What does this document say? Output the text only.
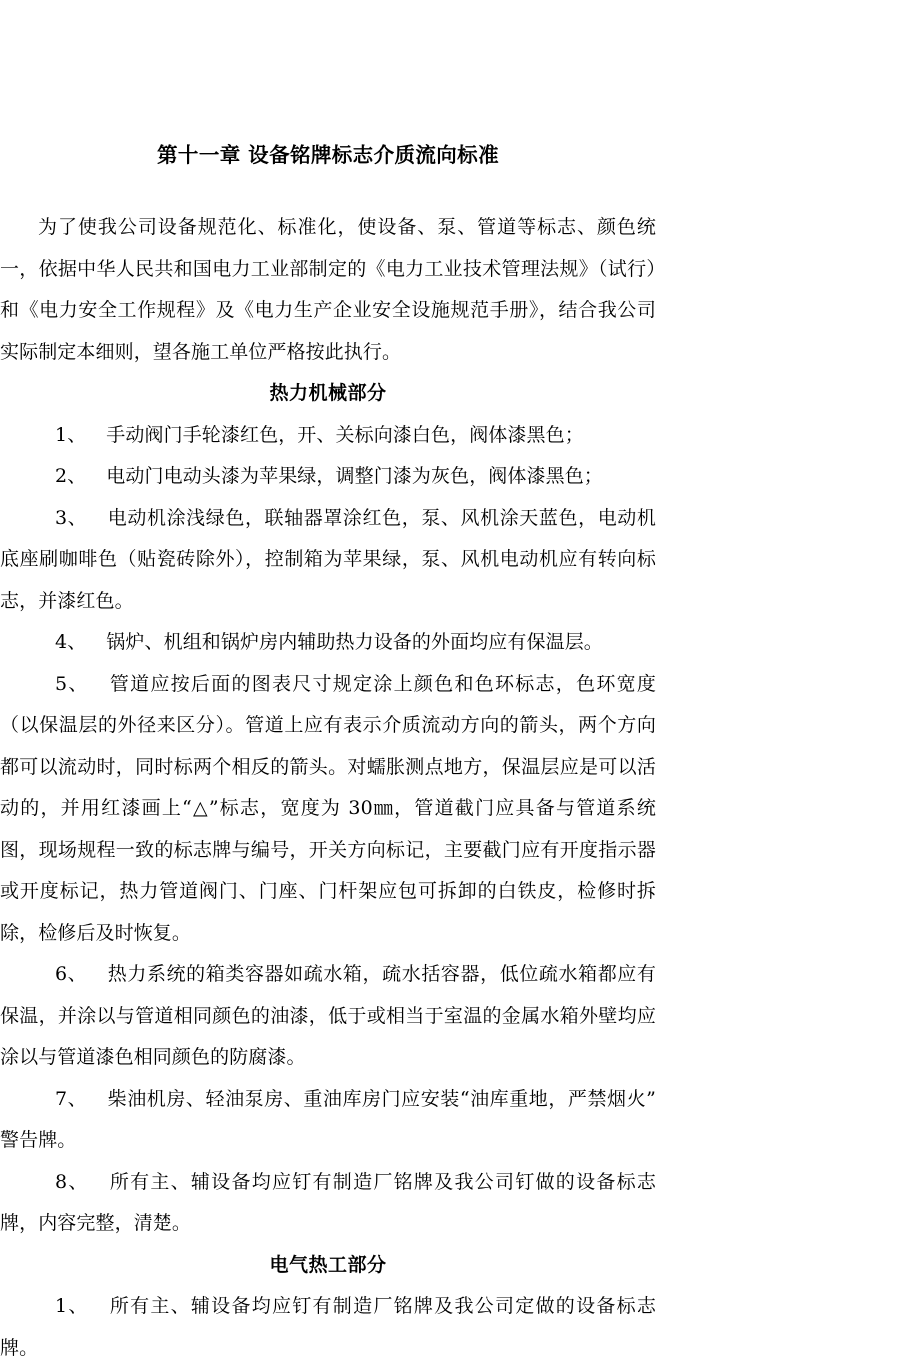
第十一章 设备铭牌标志介质流向标准

为了使我公司设备规范化、标准化，使设备、泵、管道等标志、颜色统一，依据中华人民共和国电力工业部制定的《电力工业技术管理法规》（试行）和《电力安全工作规程》及《电力生产企业安全设施规范手册》，结合我公司实际制定本细则，望各施工单位严格按此执行。

热力机械部分

1、 手动阀门手轮漆红色，开、关标向漆白色，阀体漆黑色；

2、 电动门电动头漆为苹果绿，调整门漆为灰色，阀体漆黑色；

3、 电动机涂浅绿色，联轴器罩涂红色，泵、风机涂天蓝色，电动机底座刷咖啡色（贴瓷砖除外），控制箱为苹果绿，泵、风机电动机应有转向标志，并漆红色。

4、 锅炉、机组和锅炉房内辅助热力设备的外面均应有保温层。

5、 管道应按后面的图表尺寸规定涂上颜色和色环标志，色环宽度（以保温层的外径来区分）。管道上应有表示介质流动方向的箭头，两个方向都可以流动时，同时标两个相反的箭头。对蠕胀测点地方，保温层应是可以活动的，并用红漆画上“△”标志，宽度为 30㎜，管道截门应具备与管道系统图，现场规程一致的标志牌与编号，开关方向标记，主要截门应有开度指示器或开度标记，热力管道阀门、门座、门杆架应包可拆卸的白铁皮，检修时拆除，检修后及时恢复。

6、 热力系统的箱类容器如疏水箱，疏水括容器，低位疏水箱都应有保温，并涂以与管道相同颜色的油漆，低于或相当于室温的金属水箱外壁均应涂以与管道漆色相同颜色的防腐漆。

7、 柴油机房、轻油泵房、重油库房门应安装“油库重地，严禁烟火”警告牌。

8、 所有主、辅设备均应钉有制造厂铭牌及我公司钉做的设备标志牌，内容完整，清楚。

电气热工部分

1、 所有主、辅设备均应钉有制造厂铭牌及我公司定做的设备标志牌。
